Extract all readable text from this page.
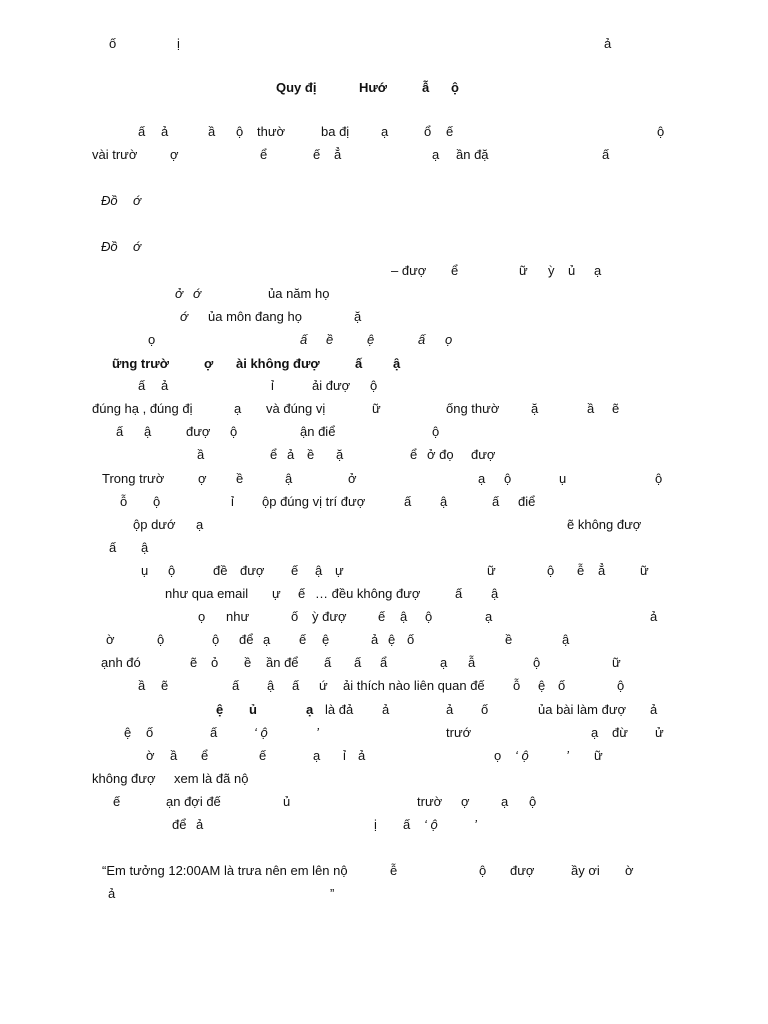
ố	ị	ả
Quy đị	Hướ	ẫ ộ
ấ ả	ầ ộ thườ	ba đị ạ	ổ ế	ộ
vài trườ	ợ	ể	ế ẳ	ạ ần đặ	ấ
Đồ ớ
Đồ ớ
– đượ ể	ữ ỳ ủ ạ
ở ớ	ủa năm họ
ớ ủa môn đang họ	ặ
ọ	ấ ề	ệ	ấ ọ
ững trườ	ợ ài không đượ	ấ ậ
ấ ả	ỉ	ải đượ ộ
đúng hạ , đúng đị	ạ và đúng vị	ữ	ống thườ ặ	ầ ẽ
ấ ậ	đượ ộ	ận điể	ộ
ầ	ể ả ề ặ	ể ở đọ đượ
Trong trườ	ợ ề	ậ	ở	ạ ộ	ụ	ộ
ỗ ộ	ỉ ộp đúng vị trí đượ	ấ ậ	ấ điể
ộp dướ ạ	ẽ không đượ
ấ ậ
ụ ộ	đề đượ ế ậ ự	ữ	ộ ễ ẳ	ữ
như qua email ự ế … đều không đượ	ấ ậ
ọ như	ố ỳ đượ ế ậ ộ	ạ	ả
ờ	ộ	ộ để ạ ế ệ	ả ệ ố	ề	ậ
ạnh đó	ẽ ỏ ề ần để ấ ấ ẩ	ạ ẫ	ộ	ữ
ầ ẽ	ấ ậ ấ ứ ải thích nào liên quan đế ỗ ệ ố	ộ
ệ ủ	ạ là đả ả	ả ố	ủa bài làm đượ ả
ệ ố	ấ	‘ ộ	’	trướ	ạ đừ ử
ờ ầ ể	ế	ạ ỉ ả	ọ ‘ ộ	’ ữ
không đượ xem là đã nộ
ế	ạn đợi đế	ủ	trườ ợ ạ ộ
để ả	ị ấ ‘ ộ	’
“Em tưởng 12:00AM là trưa nên em lên nộ	ễ	ộ đượ	ầy ơi ờ
ả	”
